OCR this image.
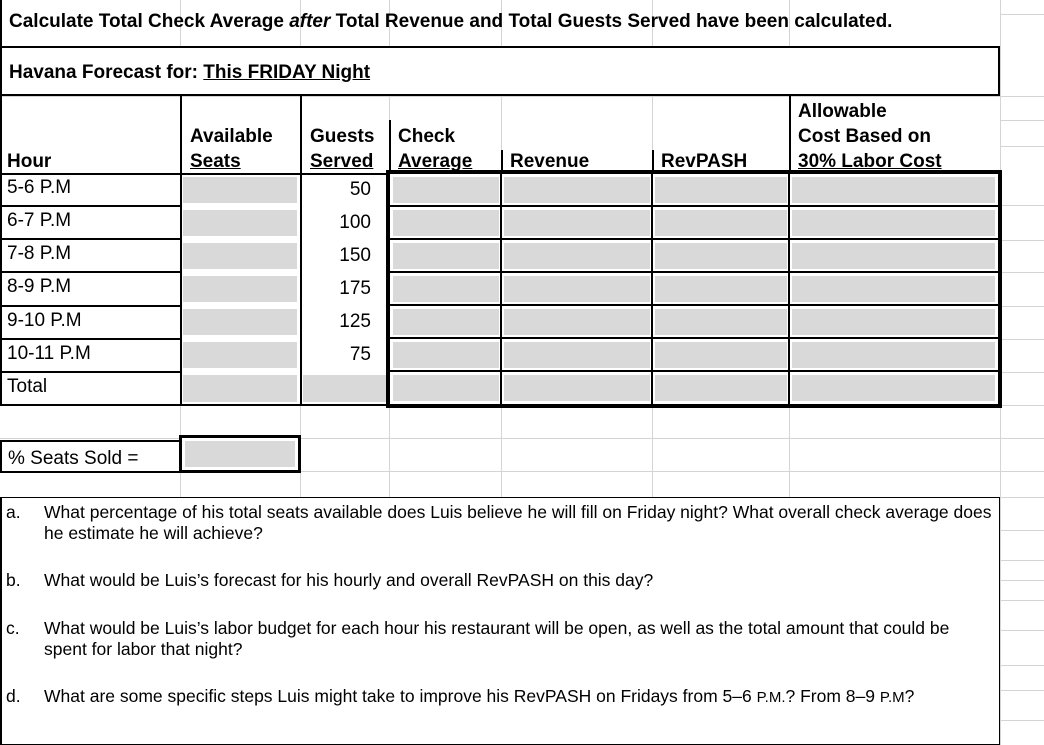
Calculate Total Check Average after Total Revenue and Total Guests Served have been calculated.
Havana Forecast for: This FRIDAY Night
Hour
Available
Seats
Guests
Served
Check
Average Revenue	RevPASH
Allowable
Cost Based on
30% Labor Cost
5-6 P.M
6-7 P.M
7-8 P.M
8-9 P.M
9-10 P.M
10-11 P.M
Total
50
100
150
175
125
75
% Seats Sold =
a. What percentage of his total seats available does Luis believe he will fill on Friday night? What overall check average does he estimate he will achieve?
b. What would be Luis’s forecast for his hourly and overall RevPASH on this day?
c. What would be Luis’s labor budget for each hour his restaurant will be open, as well as the total amount that could be spent for labor that night?
d. What are some specific steps Luis might take to improve his RevPASH on Fridays from 5–6 P.M.? From 8–9 P.M?
